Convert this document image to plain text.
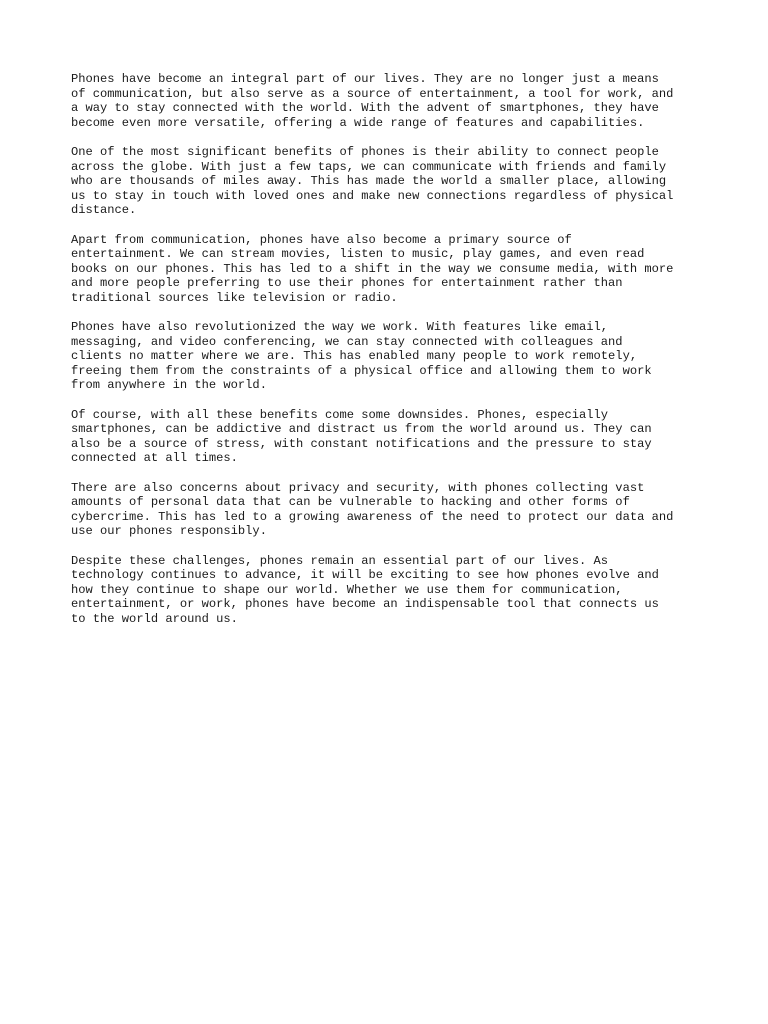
Phones have become an integral part of our lives. They are no longer just a means
of communication, but also serve as a source of entertainment, a tool for work, and
a way to stay connected with the world. With the advent of smartphones, they have
become even more versatile, offering a wide range of features and capabilities.

One of the most significant benefits of phones is their ability to connect people
across the globe. With just a few taps, we can communicate with friends and family
who are thousands of miles away. This has made the world a smaller place, allowing
us to stay in touch with loved ones and make new connections regardless of physical
distance.

Apart from communication, phones have also become a primary source of
entertainment. We can stream movies, listen to music, play games, and even read
books on our phones. This has led to a shift in the way we consume media, with more
and more people preferring to use their phones for entertainment rather than
traditional sources like television or radio.

Phones have also revolutionized the way we work. With features like email,
messaging, and video conferencing, we can stay connected with colleagues and
clients no matter where we are. This has enabled many people to work remotely,
freeing them from the constraints of a physical office and allowing them to work
from anywhere in the world.

Of course, with all these benefits come some downsides. Phones, especially
smartphones, can be addictive and distract us from the world around us. They can
also be a source of stress, with constant notifications and the pressure to stay
connected at all times.

There are also concerns about privacy and security, with phones collecting vast
amounts of personal data that can be vulnerable to hacking and other forms of
cybercrime. This has led to a growing awareness of the need to protect our data and
use our phones responsibly.

Despite these challenges, phones remain an essential part of our lives. As
technology continues to advance, it will be exciting to see how phones evolve and
how they continue to shape our world. Whether we use them for communication,
entertainment, or work, phones have become an indispensable tool that connects us
to the world around us.
